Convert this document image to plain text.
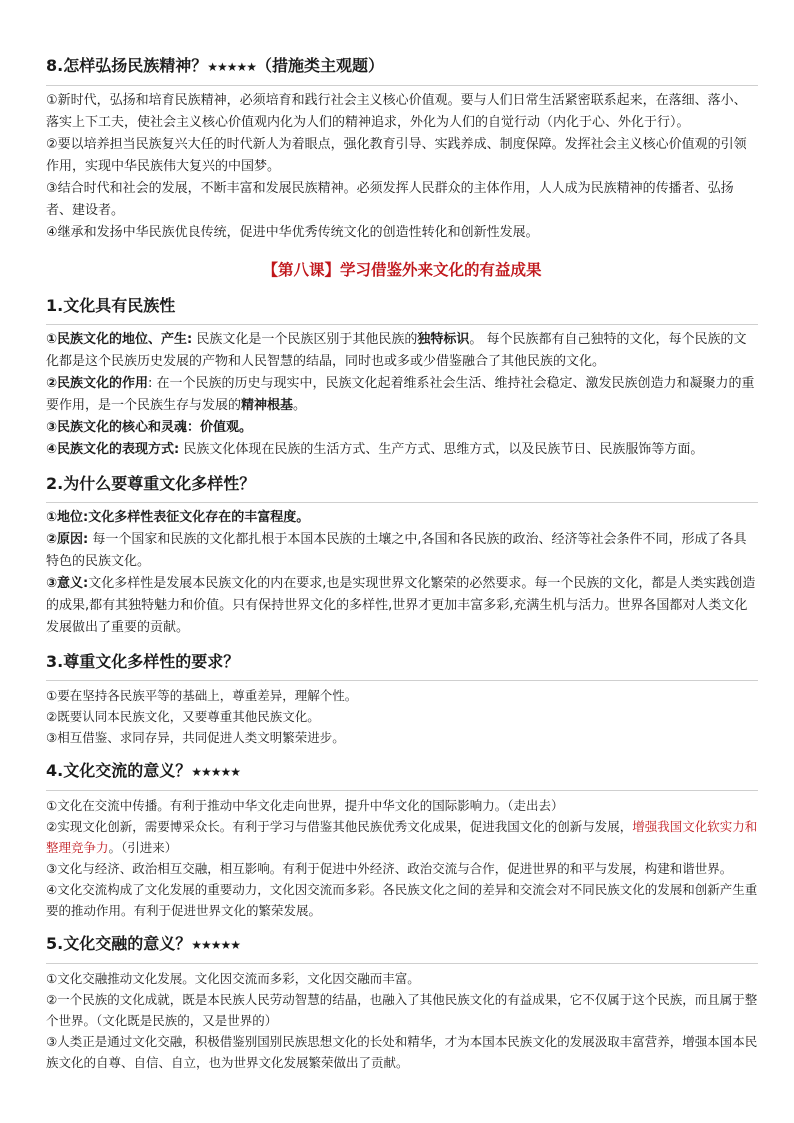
8.怎样弘扬民族精神？★★★★★（措施类主观题）

①新时代，弘扬和培育民族精神，必须培育和践行社会主义核心价值观。要与人们日常生活紧密联系起来，在落细、落小、落实上下工夫，使社会主义核心价值观内化为人们的精神追求，外化为人们的自觉行动（内化于心、外化于行）。

②要以培养担当民族复兴大任的时代新人为着眼点，强化教育引导、实践养成、制度保障。发挥社会主义核心价值观的引领作用，实现中华民族伟大复兴的中国梦。

③结合时代和社会的发展，不断丰富和发展民族精神。必须发挥人民群众的主体作用，人人成为民族精神的传播者、弘扬者、建设者。

④继承和发扬中华民族优良传统，促进中华优秀传统文化的创造性转化和创新性发展。

【第八课】学习借鉴外来文化的有益成果
1.文化具有民族性

①民族文化的地位、产生: 民族文化是一个民族区别于其他民族的独特标识。 每个民族都有自己独特的文化，每个民族的文化都是这个民族历史发展的产物和人民智慧的结晶，同时也或多或少借鉴融合了其他民族的文化。

②民族文化的作用: 在一个民族的历史与现实中，民族文化起着维系社会生活、维持社会稳定、激发民族创造力和凝聚力的重要作用，是一个民族生存与发展的精神根基。

③民族文化的核心和灵魂：价值观。

④民族文化的表现方式: 民族文化体现在民族的生活方式、生产方式、思维方式，以及民族节日、民族服饰等方面。

2.为什么要尊重文化多样性？

①地位:文化多样性表征文化存在的丰富程度。

②原因: 每一个国家和民族的文化都扎根于本国本民族的土壤之中,各国和各民族的政治、经济等社会条件不同，形成了各具特色的民族文化。

③意义:文化多样性是发展本民族文化的内在要求,也是实现世界文化繁荣的必然要求。每一个民族的文化，都是人类实践创造的成果,都有其独特魅力和价值。只有保持世界文化的多样性,世界才更加丰富多彩,充满生机与活力。世界各国都对人类文化发展做出了重要的贡献。

3.尊重文化多样性的要求？

①要在坚持各民族平等的基础上，尊重差异，理解个性。

②既要认同本民族文化，又要尊重其他民族文化。

③相互借鉴、求同存异，共同促进人类文明繁荣进步。

4.文化交流的意义？★★★★★

①文化在交流中传播。有利于推动中华文化走向世界，提升中华文化的国际影响力。（走出去）

②实现文化创新，需要博采众长。有利于学习与借鉴其他民族优秀文化成果，促进我国文化的创新与发展，增强我国文化软实力和整理竞争力。（引进来）

③文化与经济、政治相互交融，相互影响。有利于促进中外经济、政治交流与合作，促进世界的和平与发展，构建和谐世界。

④文化交流构成了文化发展的重要动力，文化因交流而多彩。各民族文化之间的差异和交流会对不同民族文化的发展和创新产生重要的推动作用。有利于促进世界文化的繁荣发展。

5.文化交融的意义？★★★★★

①文化交融推动文化发展。文化因交流而多彩，文化因交融而丰富。

②一个民族的文化成就，既是本民族人民劳动智慧的结晶，也融入了其他民族文化的有益成果，它不仅属于这个民族，而且属于整个世界。（文化既是民族的，又是世界的）

③人类正是通过文化交融，积极借鉴别国别民族思想文化的长处和精华，才为本国本民族文化的发展汲取丰富营养，增强本国本民族文化的自尊、自信、自立，也为世界文化发展繁荣做出了贡献。
